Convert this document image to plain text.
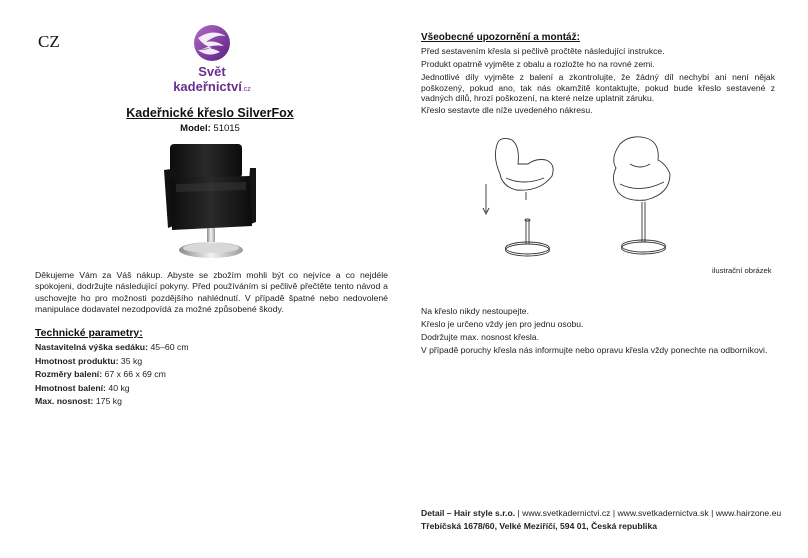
CZ
Svět kadeřnictví.cz
Kadeřnické křeslo SilverFox
Model: 51015
Děkujeme Vám za Váš nákup. Abyste se zbožím mohli být co nejvíce a co nejdéle spokojeni, dodržujte následující pokyny. Před používáním si pečlivě přečtěte tento návod a uschovejte ho pro možnosti pozdějšího nahlédnutí. V případě špatné nebo nedovolené manipulace dodavatel nezodpovídá za možné způsobené škody.
Technické parametry:
Nastavitelná výška sedáku: 45–60 cm
Hmotnost produktu: 35 kg
Rozměry balení: 67 x 66 x 69 cm
Hmotnost balení: 40 kg
Max. nosnost: 175 kg
Všeobecné upozornění a montáž:
Před sestavením křesla si pečlivě pročtěte následující instrukce.
Produkt opatrně vyjměte z obalu a rozložte ho na rovné zemi.
Jednotlivé díly vyjměte z balení a zkontrolujte, že žádný díl nechybí ani není nějak poškozený, pokud ano, tak nás okamžitě kontaktujte, pokud bude křeslo sestavené z vadných dílů, hrozí poškození, na které nelze uplatnit záruku.
Křeslo sestavte dle níže uvedeného nákresu.
ilustrační obrázek
Na křeslo nikdy nestoupejte.
Křeslo je určeno vždy jen pro jednu osobu.
Dodržujte max. nosnost křesla.
V případě poruchy křesla nás informujte nebo opravu křesla vždy ponechte na odborníkovi.
Detail – Hair style s.r.o. | www.svetkadernictvi.cz | www.svetkadernictva.sk | www.hairzone.eu
Třebíčská 1678/60, Velké Meziříčí, 594 01, Česká republika
